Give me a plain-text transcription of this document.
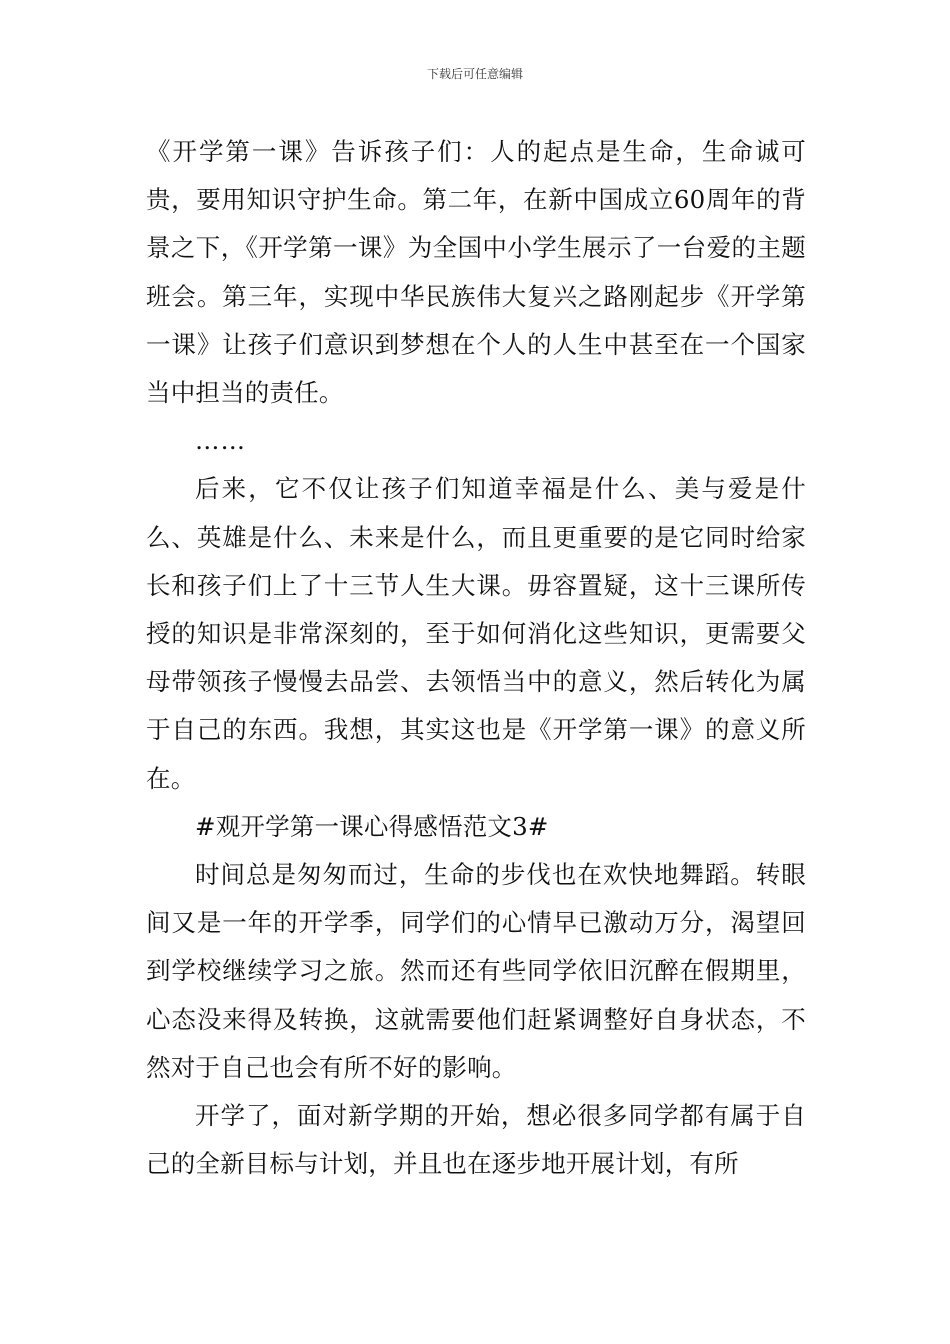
下载后可任意编辑

《开学第一课》告诉孩子们：人的起点是生命，生命诚可贵，要用知识守护生命。第二年，在新中国成立60周年的背景之下，《开学第一课》为全国中小学生展示了一台爱的主题班会。第三年，实现中华民族伟大复兴之路刚起步《开学第一课》让孩子们意识到梦想在个人的人生中甚至在一个国家当中担当的责任。

……

后来，它不仅让孩子们知道幸福是什么、美与爱是什么、英雄是什么、未来是什么，而且更重要的是它同时给家长和孩子们上了十三节人生大课。毋容置疑，这十三课所传授的知识是非常深刻的，至于如何消化这些知识，更需要父母带领孩子慢慢去品尝、去领悟当中的意义，然后转化为属于自己的东西。我想，其实这也是《开学第一课》的意义所在。

#观开学第一课心得感悟范文3#

时间总是匆匆而过，生命的步伐也在欢快地舞蹈。转眼间又是一年的开学季，同学们的心情早已激动万分，渴望回到学校继续学习之旅。然而还有些同学依旧沉醉在假期里，心态没来得及转换，这就需要他们赶紧调整好自身状态，不然对于自己也会有所不好的影响。

开学了，面对新学期的开始，想必很多同学都有属于自己的全新目标与计划，并且也在逐步地开展计划，有所
